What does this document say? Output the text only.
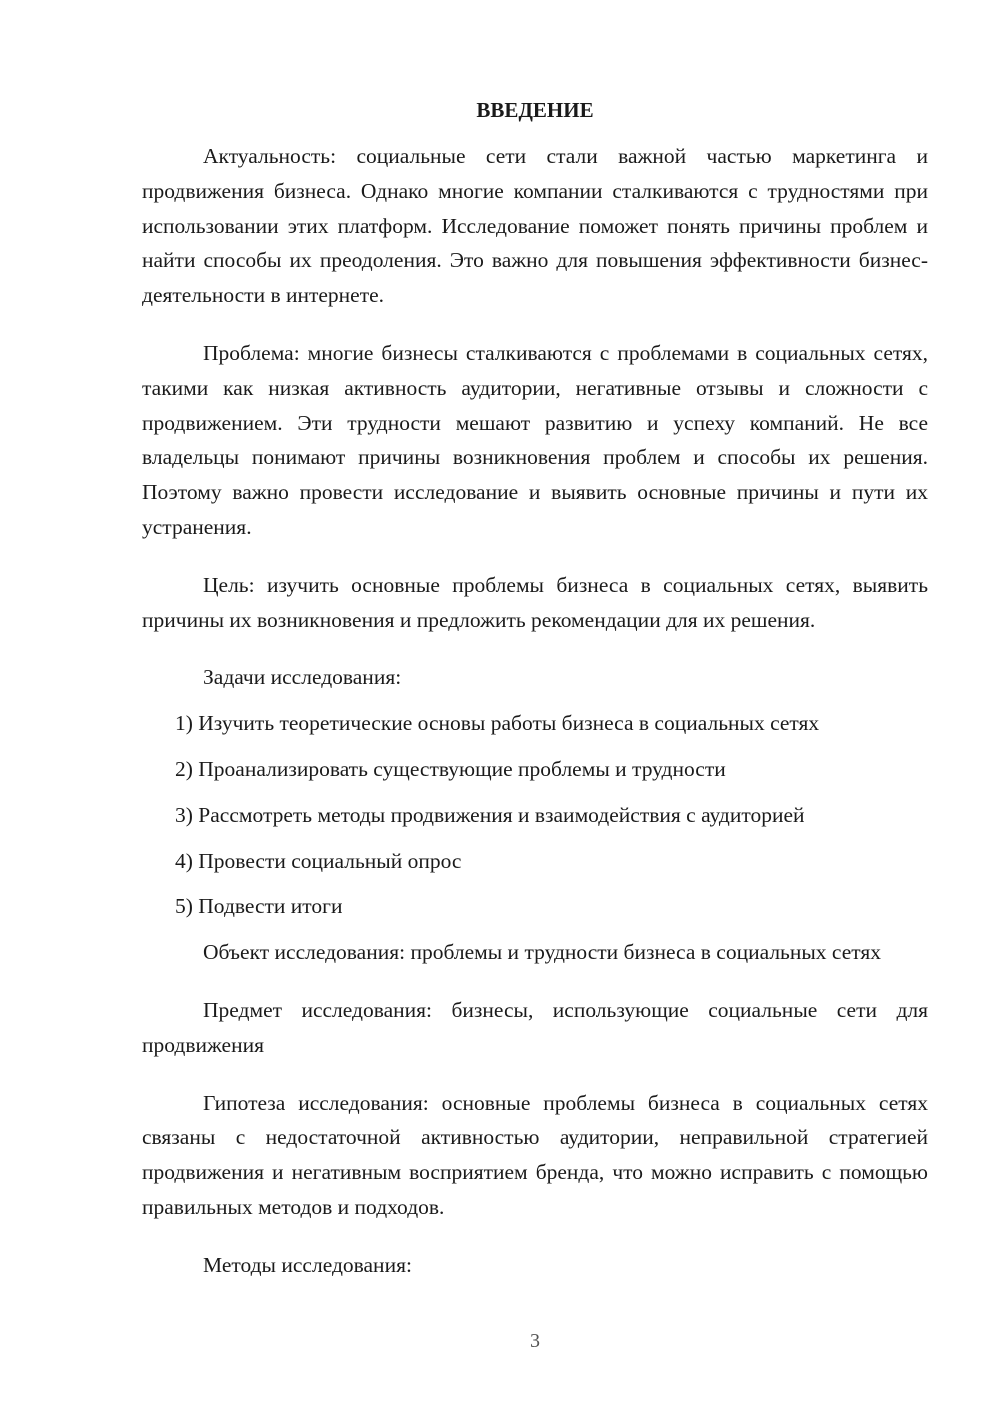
ВВЕДЕНИЕ

Актуальность: социальные сети стали важной частью маркетинга и продвижения бизнеса. Однако многие компании сталкиваются с трудностями при использовании этих платформ. Исследование поможет понять причины проблем и найти способы их преодоления. Это важно для повышения эффективности бизнес-деятельности в интернете.

Проблема: многие бизнесы сталкиваются с проблемами в социальных сетях, такими как низкая активность аудитории, негативные отзывы и сложности с продвижением. Эти трудности мешают развитию и успеху компаний. Не все владельцы понимают причины возникновения проблем и способы их решения. Поэтому важно провести исследование и выявить основные причины и пути их устранения.

Цель: изучить основные проблемы бизнеса в социальных сетях, выявить причины их возникновения и предложить рекомендации для их решения.

Задачи исследования:

1) Изучить теоретические основы работы бизнеса в социальных сетях
2) Проанализировать существующие проблемы и трудности
3) Рассмотреть методы продвижения и взаимодействия с аудиторией
4) Провести социальный опрос
5) Подвести итоги

Объект исследования: проблемы и трудности бизнеса в социальных сетях

Предмет исследования: бизнесы, использующие социальные сети для продвижения

Гипотеза исследования: основные проблемы бизнеса в социальных сетях связаны с недостаточной активностью аудитории, неправильной стратегией продвижения и негативным восприятием бренда, что можно исправить с помощью правильных методов и подходов.

Методы исследования:

3
